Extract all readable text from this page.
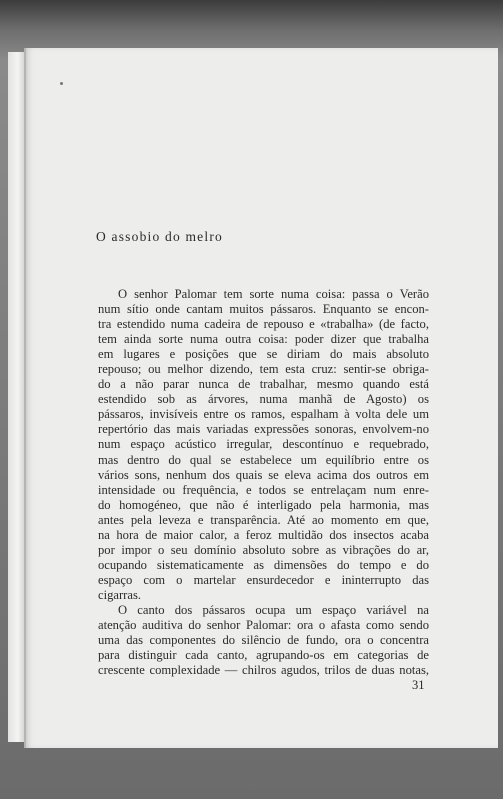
O assobio do melro
O senhor Palomar tem sorte numa coisa: passa o Verão
num sítio onde cantam muitos pássaros. Enquanto se encon-
tra estendido numa cadeira de repouso e «trabalha» (de facto,
tem ainda sorte numa outra coisa: poder dizer que trabalha
em lugares e posições que se diriam do mais absoluto
repouso; ou melhor dizendo, tem esta cruz: sentir-se obriga-
do a não parar nunca de trabalhar, mesmo quando está
estendido sob as árvores, numa manhã de Agosto) os
pássaros, invisíveis entre os ramos, espalham à volta dele um
repertório das mais variadas expressões sonoras, envolvem-no
num espaço acústico irregular, descontínuo e requebrado,
mas dentro do qual se estabelece um equilíbrio entre os
vários sons, nenhum dos quais se eleva acima dos outros em
intensidade ou frequência, e todos se entrelaçam num enre-
do homogéneo, que não é interligado pela harmonia, mas
antes pela leveza e transparência. Até ao momento em que,
na hora de maior calor, a feroz multidão dos insectos acaba
por impor o seu domínio absoluto sobre as vibrações do ar,
ocupando sistematicamente as dimensões do tempo e do
espaço com o martelar ensurdecedor e ininterrupto das
cigarras.
O canto dos pássaros ocupa um espaço variável na
atenção auditiva do senhor Palomar: ora o afasta como sendo
uma das componentes do silêncio de fundo, ora o concentra
para distinguir cada canto, agrupando-os em categorias de
crescente complexidade — chilros agudos, trilos de duas notas,
31
